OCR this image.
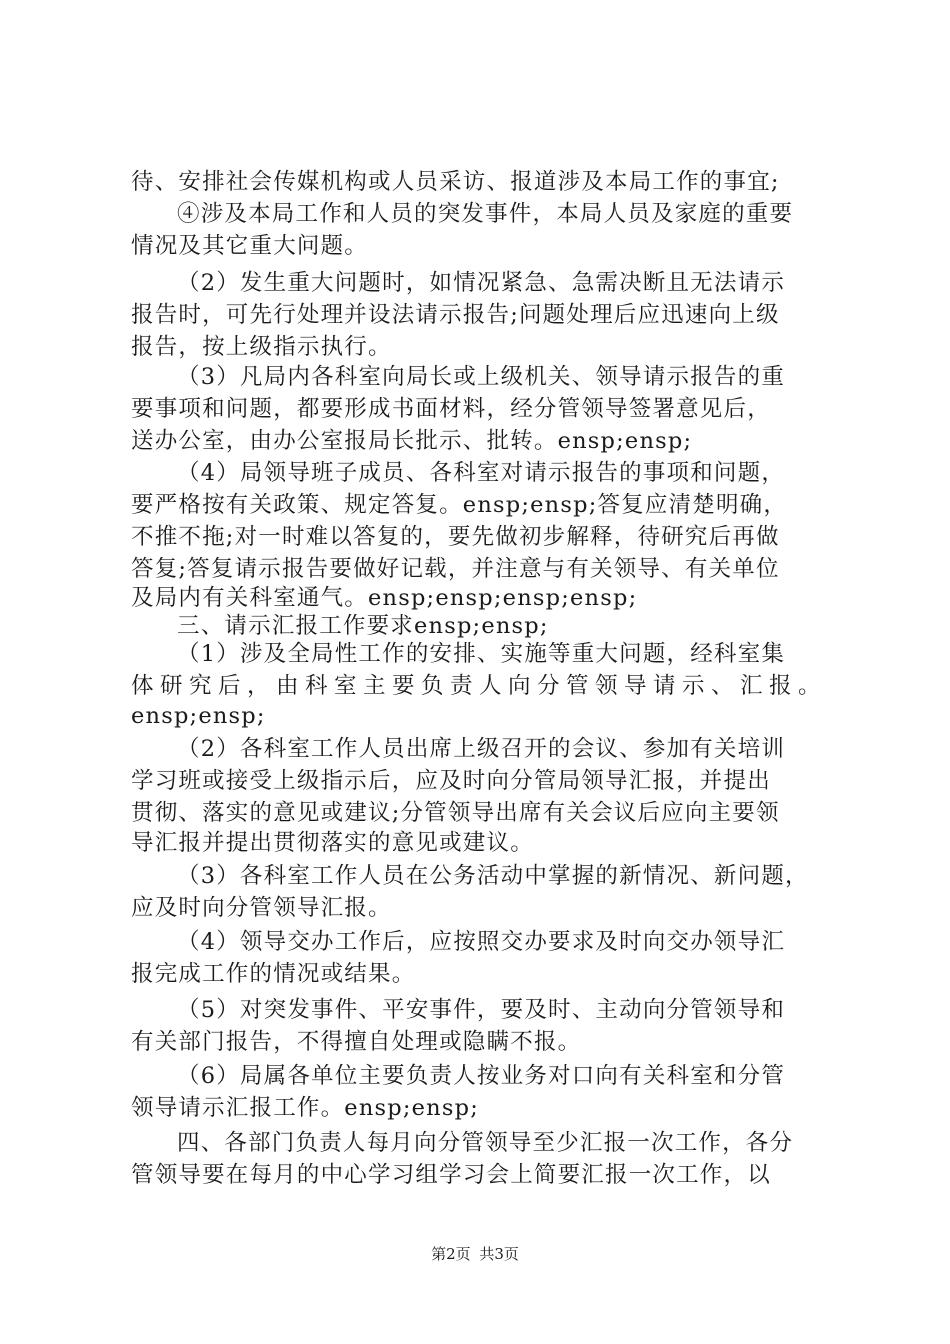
待、安排社会传媒机构或人员采访、报道涉及本局工作的事宜;
④涉及本局工作和人员的突发事件，本局人员及家庭的重要
情况及其它重大问题。
（2）发生重大问题时，如情况紧急、急需决断且无法请示
报告时，可先行处理并设法请示报告;问题处理后应迅速向上级
报告，按上级指示执行。
（3）凡局内各科室向局长或上级机关、领导请示报告的重
要事项和问题，都要形成书面材料，经分管领导签署意见后，
送办公室，由办公室报局长批示、批转。ensp;ensp;
（4）局领导班子成员、各科室对请示报告的事项和问题，
要严格按有关政策、规定答复。ensp;ensp;答复应清楚明确，
不推不拖;对一时难以答复的，要先做初步解释，待研究后再做
答复;答复请示报告要做好记载，并注意与有关领导、有关单位
及局内有关科室通气。ensp;ensp;ensp;ensp;
三、请示汇报工作要求ensp;ensp;
（1）涉及全局性工作的安排、实施等重大问题，经科室集
体研究后，由科室主要负责人向分管领导请示、汇报。
ensp;ensp;
（2）各科室工作人员出席上级召开的会议、参加有关培训
学习班或接受上级指示后，应及时向分管局领导汇报，并提出
贯彻、落实的意见或建议;分管领导出席有关会议后应向主要领
导汇报并提出贯彻落实的意见或建议。
（3）各科室工作人员在公务活动中掌握的新情况、新问题，
应及时向分管领导汇报。
（4）领导交办工作后，应按照交办要求及时向交办领导汇
报完成工作的情况或结果。
（5）对突发事件、平安事件，要及时、主动向分管领导和
有关部门报告，不得擅自处理或隐瞒不报。
（6）局属各单位主要负责人按业务对口向有关科室和分管
领导请示汇报工作。ensp;ensp;
四、各部门负责人每月向分管领导至少汇报一次工作，各分
管领导要在每月的中心学习组学习会上简要汇报一次工作，以
第2页 共3页
